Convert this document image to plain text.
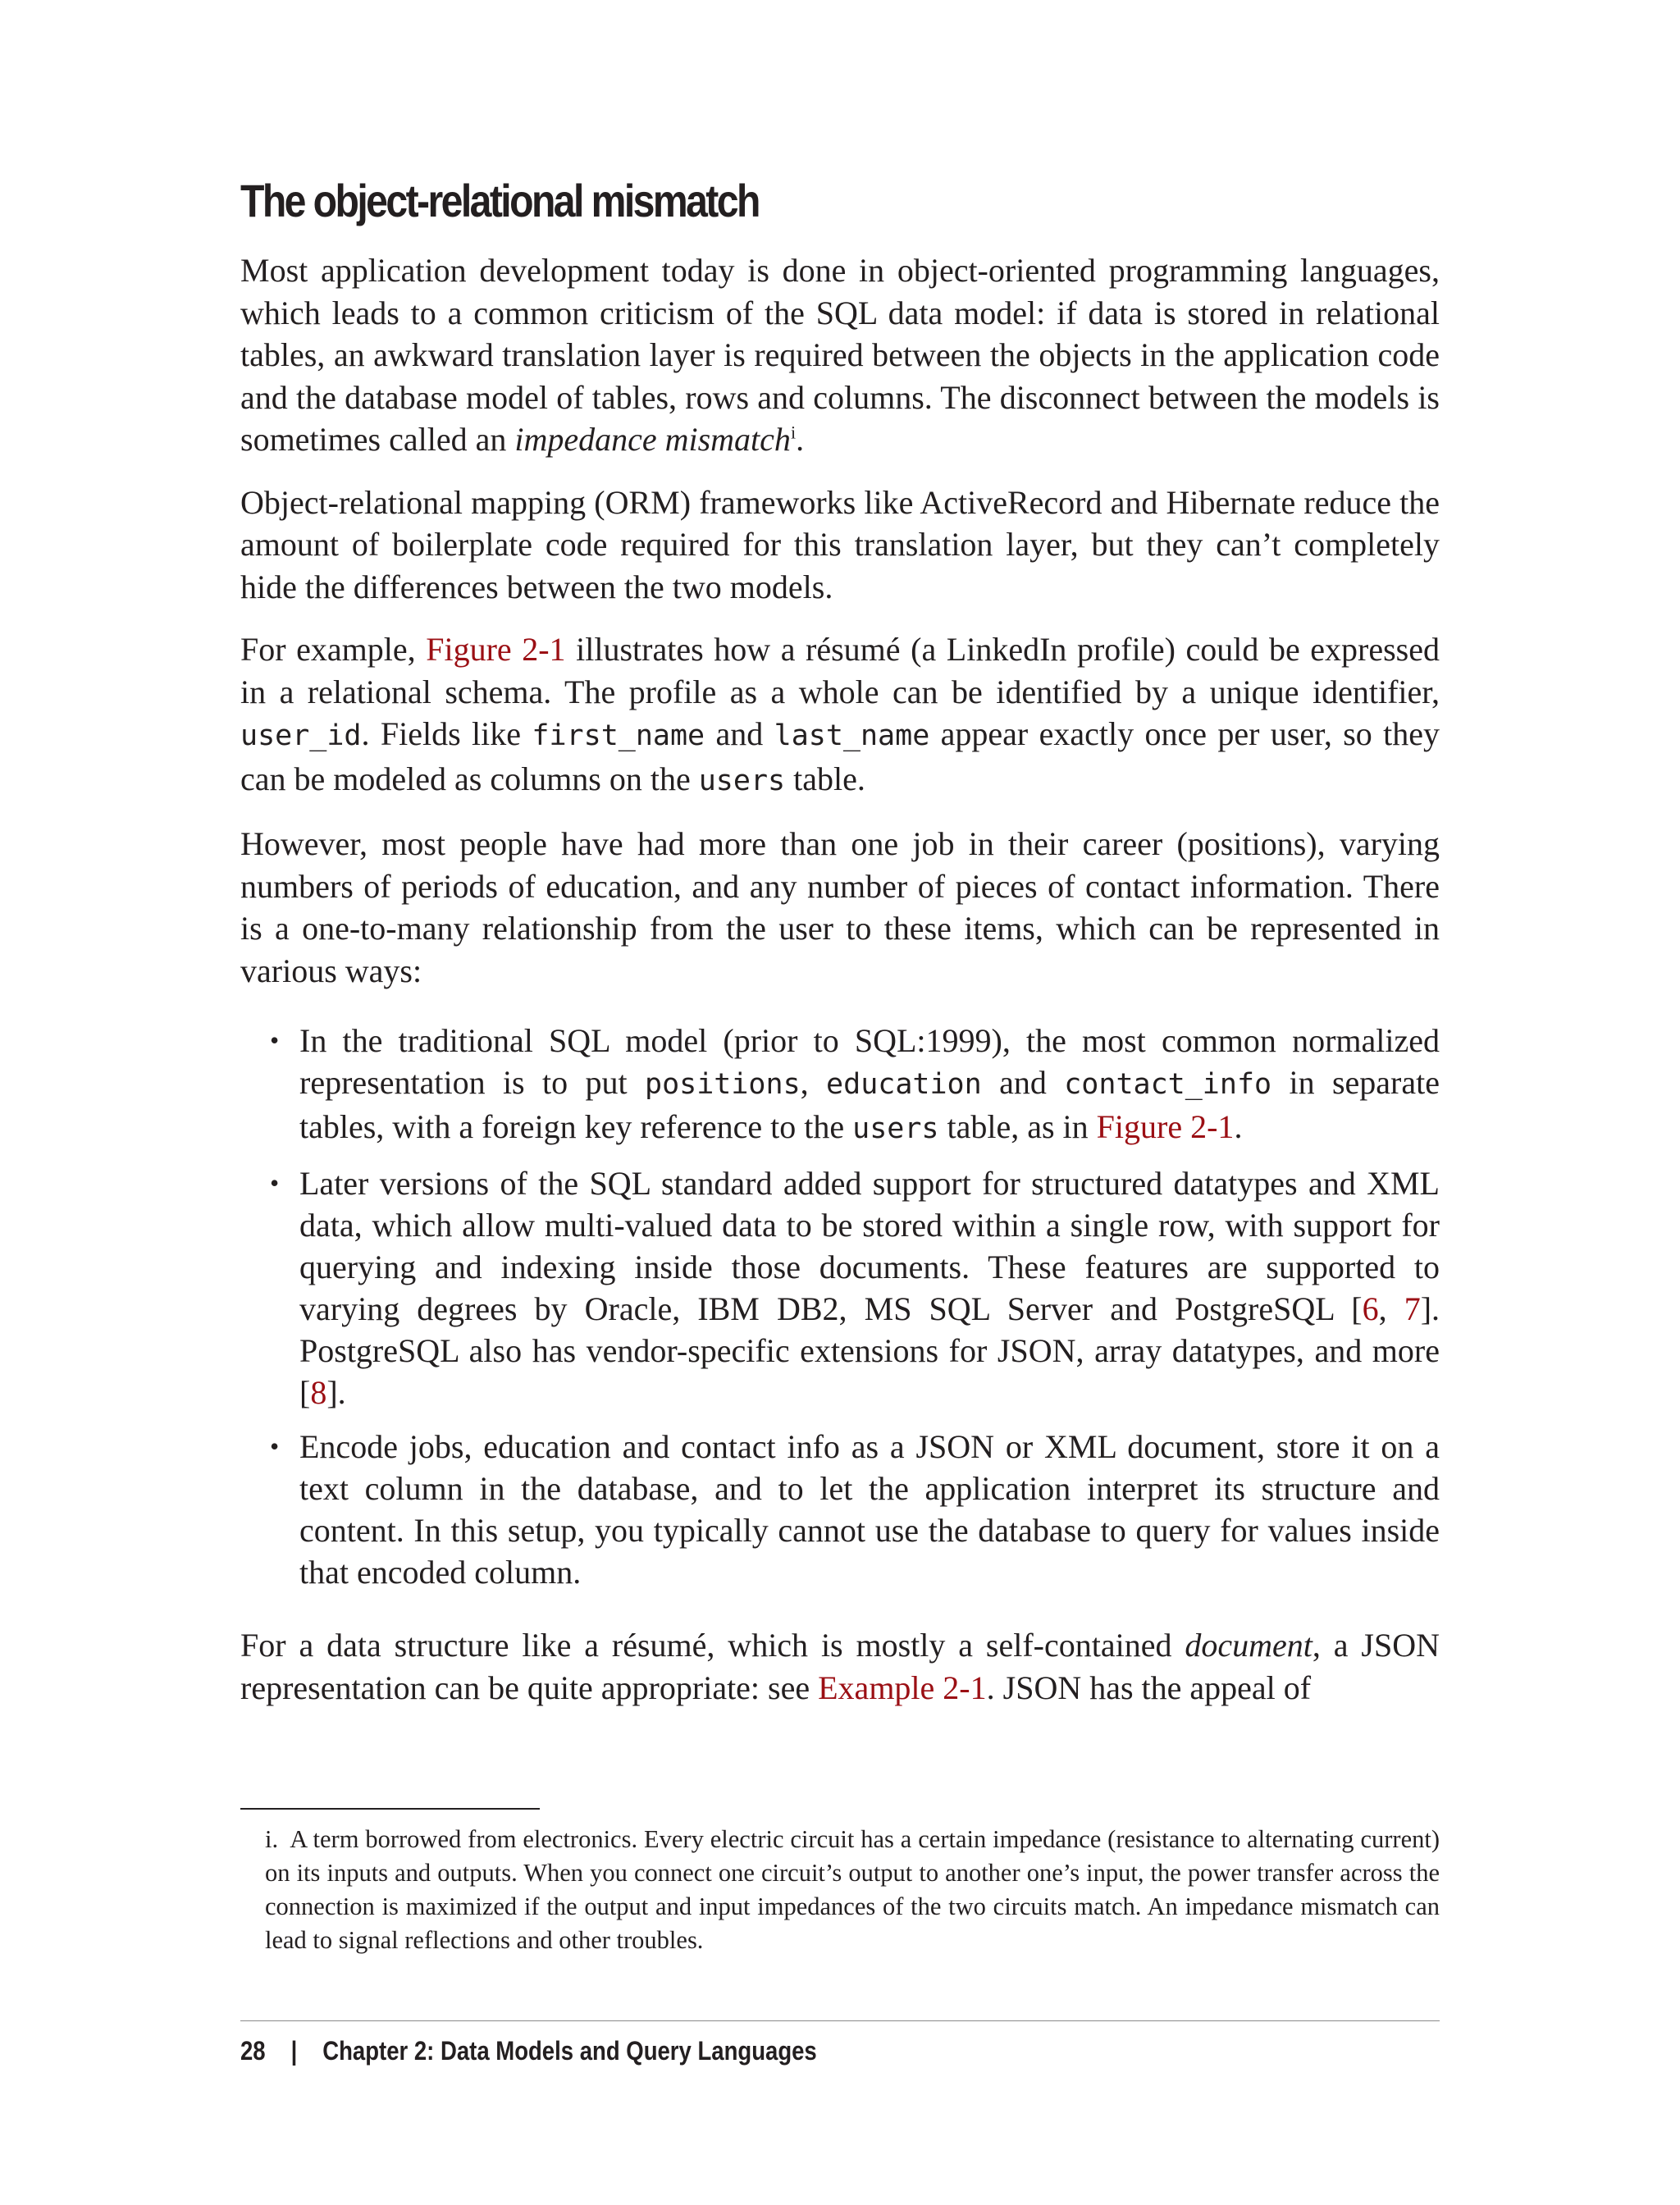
The object-relational mismatch

Most application development today is done in object-oriented programming languages, which leads to a common criticism of the SQL data model: if data is stored in relational tables, an awkward translation layer is required between the objects in the application code and the database model of tables, rows and columns. The disconnect between the models is sometimes called an impedance mismatch$^i$.

Object-relational mapping (ORM) frameworks like ActiveRecord and Hibernate reduce the amount of boilerplate code required for this translation layer, but they can’t completely hide the differences between the two models.

For example, Figure 2-1 illustrates how a résumé (a LinkedIn profile) could be expressed in a relational schema. The profile as a whole can be identified by a unique identifier, user_id. Fields like first_name and last_name appear exactly once per user, so they can be modeled as columns on the users table.

However, most people have had more than one job in their career (positions), varying numbers of periods of education, and any number of pieces of contact information. There is a one-to-many relationship from the user to these items, which can be represented in various ways:

• In the traditional SQL model (prior to SQL:1999), the most common normalized representation is to put positions, education and contact_info in separate tables, with a foreign key reference to the users table, as in Figure 2-1.
• Later versions of the SQL standard added support for structured datatypes and XML data, which allow multi-valued data to be stored within a single row, with support for querying and indexing inside those documents. These features are supported to varying degrees by Oracle, IBM DB2, MS SQL Server and PostgreSQL [6, 7]. PostgreSQL also has vendor-specific extensions for JSON, array datatypes, and more [8].
• Encode jobs, education and contact info as a JSON or XML document, store it on a text column in the database, and to let the application interpret its structure and content. In this setup, you typically cannot use the database to query for values inside that encoded column.

For a data structure like a résumé, which is mostly a self-contained document, a JSON representation can be quite appropriate: see Example 2-1. JSON has the appeal of

i. A term borrowed from electronics. Every electric circuit has a certain impedance (resistance to alternating current) on its inputs and outputs. When you connect one circuit’s output to another one’s input, the power transfer across the connection is maximized if the output and input impedances of the two circuits match. An impedance mismatch can lead to signal reflections and other troubles.
28 | Chapter 2: Data Models and Query Languages
